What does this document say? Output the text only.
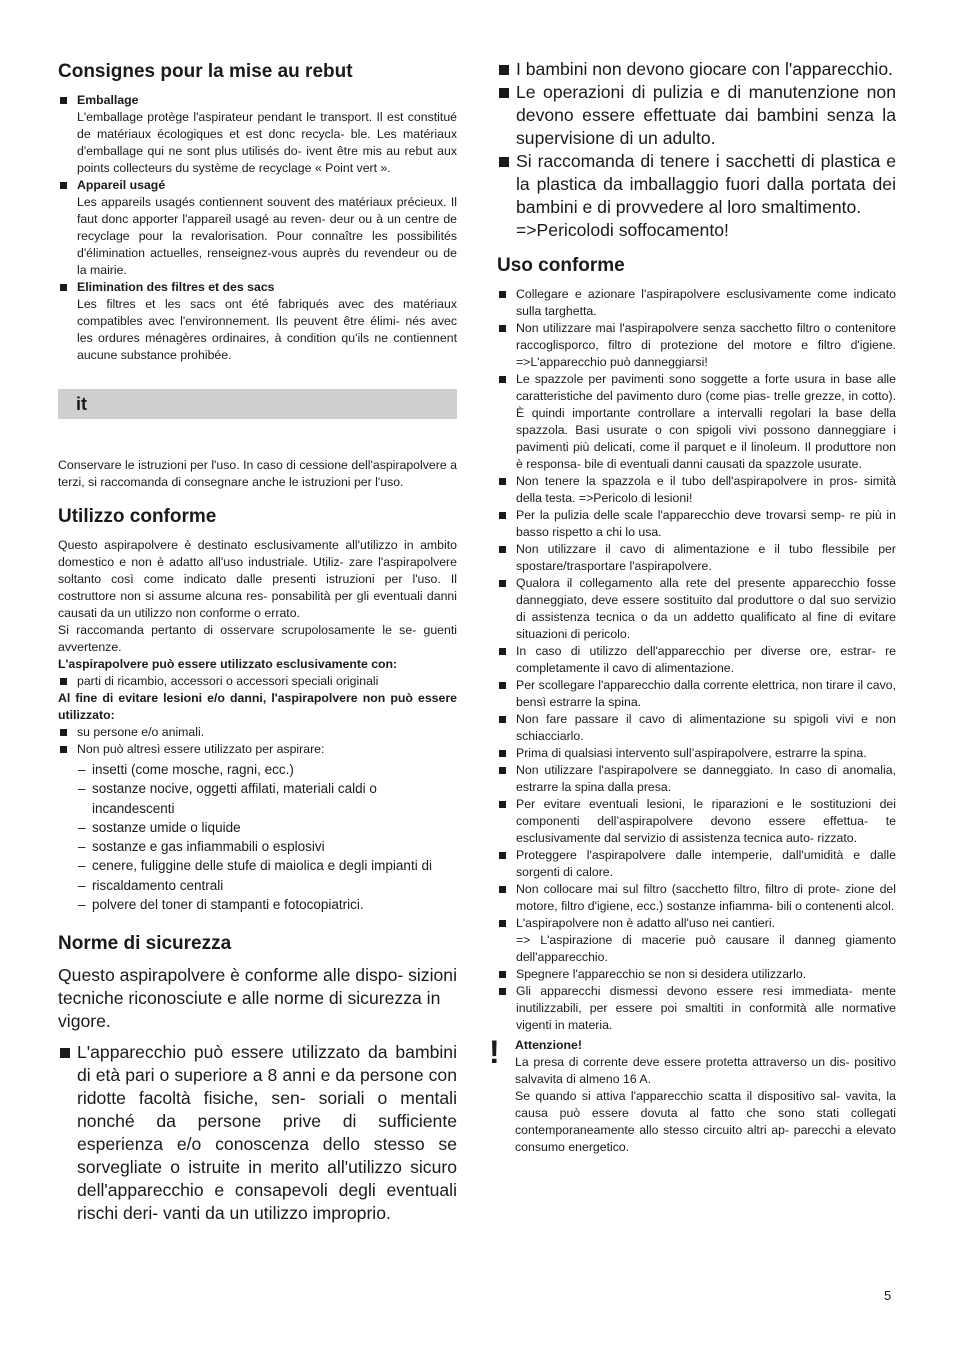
Consignes pour la mise au rebut

Emballage

L'emballage protège l'aspirateur pendant le transport. Il est constitué de matériaux écologiques et est donc recycla- ble. Les matériaux d'emballage qui ne sont plus utilisés do- ivent être mis au rebut aux points collecteurs du système de recyclage « Point vert ».

Appareil usagé

Les appareils usagés contiennent souvent des matériaux précieux. Il faut donc apporter l'appareil usagé au reven- deur ou à un centre de recyclage pour la revalorisation. Pour connaître les possibilités d'élimination actuelles, renseignez-vous auprès du revendeur ou de la mairie.

Elimination des filtres et des sacs

Les filtres et les sacs ont été fabriqués avec des matériaux compatibles avec l'environnement. Ils peuvent être élimi- nés avec les ordures ménagères ordinaires, à condition qu'ils ne contiennent aucune substance prohibée.

it

Conservare le istruzioni per l'uso. In caso di cessione dell'aspirapolvere a terzi, si raccomanda di consegnare anche le istruzioni per l'uso.

Utilizzo conforme

Questo aspirapolvere è destinato esclusivamente all'utilizzo in ambito domestico e non è adatto all'uso industriale. Utiliz- zare l'aspirapolvere soltanto così come indicato dalle presenti istruzioni per l'uso. Il costruttore non si assume alcuna res- ponsabilità per gli eventuali danni causati da un utilizzo non conforme o errato.

Si raccomanda pertanto di osservare scrupolosamente le se- guenti avvertenze.

L'aspirapolvere può essere utilizzato esclusivamente con:

parti di ricambio, accessori o accessori speciali originali

Al fine di evitare lesioni e/o danni, l'aspirapolvere non può essere utilizzato:

su persone e/o animali.
Non può altresì essere utilizzato per aspirare:
– insetti (come mosche, ragni, ecc.)
– sostanze nocive, oggetti affilati, materiali caldi o incandescenti
– sostanze umide o liquide
– sostanze e gas infiammabili o esplosivi
– cenere, fuliggine delle stufe di maiolica e degli impianti di
– riscaldamento centrali
– polvere del toner di stampanti e fotocopiatrici.
Norme di sicurezza

Questo aspirapolvere è conforme alle dispo- sizioni tecniche riconosciute e alle norme di sicurezza in vigore.

L'apparecchio può essere utilizzato da bambini di età pari o superiore a 8 anni e da persone con ridotte facoltà fisiche, sen- soriali o mentali nonché da persone prive di sufficiente esperienza e/o conoscenza dello stesso se sorvegliate o istruite in merito all'utilizzo sicuro dell'apparecchio e consapevoli degli eventuali rischi deri- vanti da un utilizzo improprio.
I bambini non devono giocare con l'apparecchio.
Le operazioni di pulizia e di manutenzione non devono essere effettuate dai bambini senza la supervisione di un adulto.
Si raccomanda di tenere i sacchetti di plastica e la plastica da imballaggio fuori dalla portata dei bambini e di provvedere al loro smaltimento.

=>Pericolodi soffocamento!

Uso conforme
Collegare e azionare l'aspirapolvere esclusivamente come indicato sulla targhetta.
Non utilizzare mai l'aspirapolvere senza sacchetto filtro o contenitore raccoglisporco, filtro di protezione del motore e filtro d'igiene. =>L'apparecchio può danneggiarsi!
Le spazzole per pavimenti sono soggette a forte usura in base alle caratteristiche del pavimento duro (come pias- trelle grezze, in cotto). È quindi importante controllare a intervalli regolari la base della spazzola. Basi usurate o con spigoli vivi possono danneggiare i pavimenti più delicati, come il parquet e il linoleum. Il produttore non è responsa- bile di eventuali danni causati da spazzole usurate.
Non tenere la spazzola e il tubo dell'aspirapolvere in pros- simità della testa. =>Pericolo di lesioni!
Per la pulizia delle scale l'apparecchio deve trovarsi semp- re più in basso rispetto a chi lo usa.
Non utilizzare il cavo di alimentazione e il tubo flessibile per spostare/trasportare l'aspirapolvere.
Qualora il collegamento alla rete del presente apparecchio fosse danneggiato, deve essere sostituito dal produttore o dal suo servizio di assistenza tecnica o da un addetto qualificato al fine di evitare situazioni di pericolo.
In caso di utilizzo dell'apparecchio per diverse ore, estrar- re completamente il cavo di alimentazione.
Per scollegare l'apparecchio dalla corrente elettrica, non tirare il cavo, bensì estrarre la spina.
Non fare passare il cavo di alimentazione su spigoli vivi e non schiacciarlo.
Prima di qualsiasi intervento sull’aspirapolvere, estrarre la spina.
Non utilizzare l'aspirapolvere se danneggiato. In caso di anomalia, estrarre la spina dalla presa.
Per evitare eventuali lesioni, le riparazioni e le sostituzioni dei componenti dell’aspirapolvere devono essere effettua- te esclusivamente dal servizio di assistenza tecnica auto- rizzato.
Proteggere l'aspirapolvere dalle intemperie, dall'umidità e dalle sorgenti di calore.
Non collocare mai sul filtro (sacchetto filtro, filtro di prote- zione del motore, filtro d'igiene, ecc.) sostanze infiamma- bili o contenenti alcol.
L'aspirapolvere non è adatto all'uso nei cantieri.

=> L'aspirazione di macerie può causare il danneg giamento dell'apparecchio.

Spegnere l'apparecchio se non si desidera utilizzarlo.
Gli apparecchi dismessi devono essere resi immediata- mente inutilizzabili, per essere poi smaltiti in conformità alle normative vigenti in materia.
! Attenzione!

La presa di corrente deve essere protetta attraverso un dis- positivo salvavita di almeno 16 A.

Se quando si attiva l'apparecchio scatta il dispositivo sal- vavita, la causa può essere dovuta al fatto che sono stati collegati contemporaneamente allo stesso circuito altri ap- parecchi a elevato consumo energetico.

5
